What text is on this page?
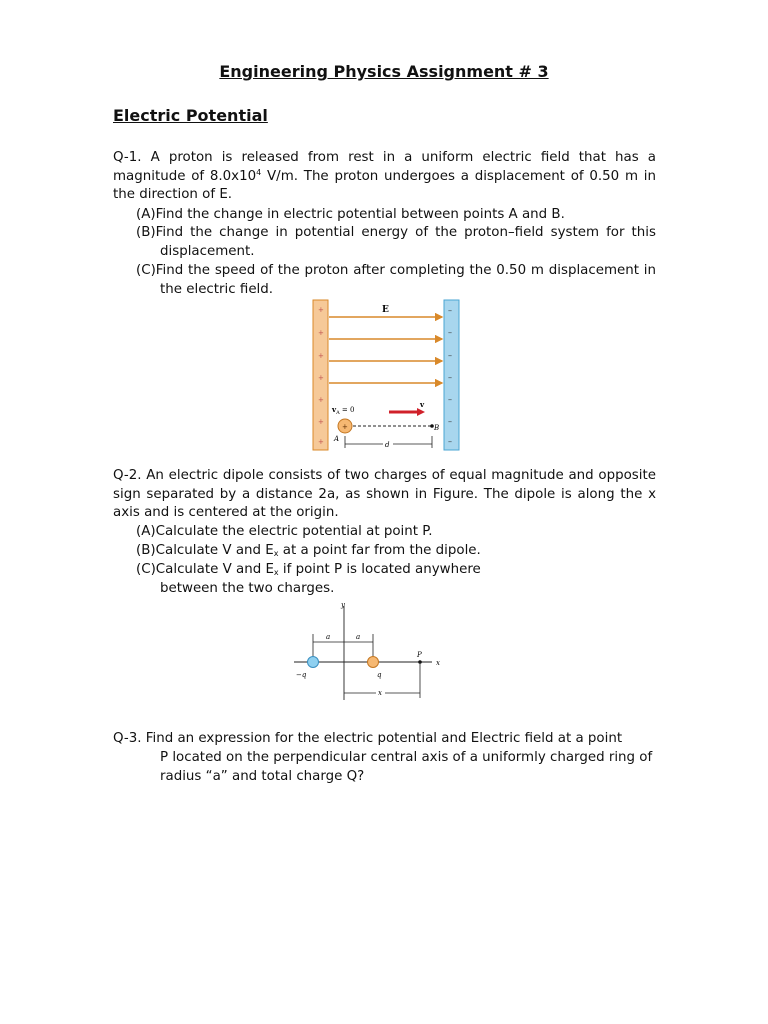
Engineering Physics Assignment # 3
Electric Potential
Q-1. A proton is released from rest in a uniform electric field that has a magnitude of $8.0x10^4$ V/m. The proton undergoes a displacement of 0.50 m in the direction of E.
(A)Find the change in electric potential between points A and B.
(B)Find the change in potential energy of the proton–field system for this displacement.
(C)Find the speed of the proton after completing the 0.50 m displacement in the electric field.
+
+
+
+
+
+
+
–
–
–
–
–
–
–
E
$v_A = 0$
v
+
A
B
d
Q-2. An electric dipole consists of two charges of equal magnitude and opposite sign separated by a distance 2a, as shown in Figure. The dipole is along the x axis and is centered at the origin.
(A)Calculate the electric potential at point P.
(B)Calculate V and $E_x$ at a point far from the dipole.
(C)Calculate V and $E_x$ if point P is located anywhere
between the two charges.
y
x
a	a
−q	q
P
x
Q-3. Find an expression for the electric potential and Electric field at a point
P located on the perpendicular central axis of a uniformly charged ring of
radius “a” and total charge Q?
